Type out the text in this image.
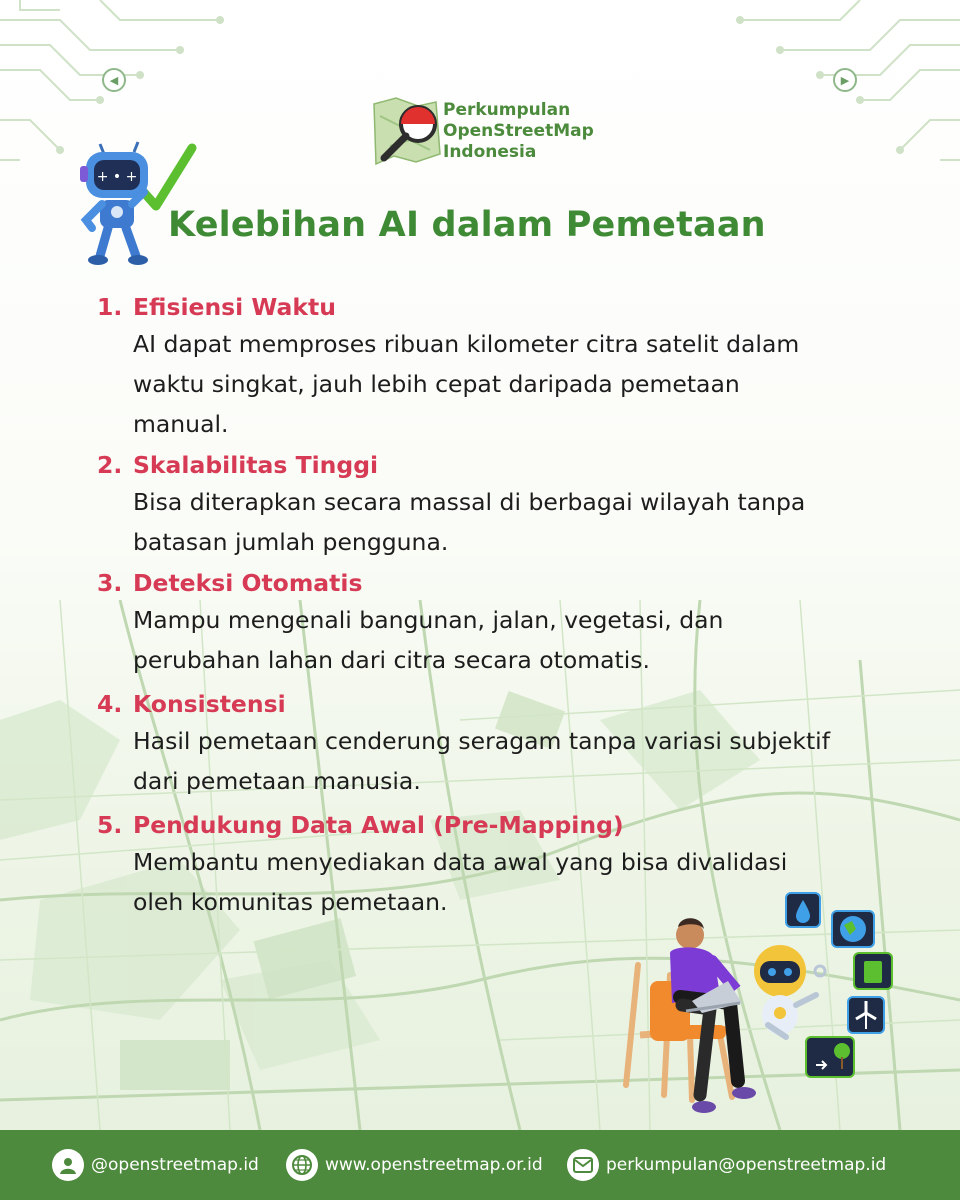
◀	▶
Perkumpulan
OpenStreetMap
Indonesia
+ • +
Kelebihan AI dalam Pemetaan
1. Efisiensi Waktu
AI dapat memproses ribuan kilometer citra satelit dalam
waktu singkat, jauh lebih cepat daripada pemetaan
manual.
2. Skalabilitas Tinggi
Bisa diterapkan secara massal di berbagai wilayah tanpa
batasan jumlah pengguna.
3. Deteksi Otomatis
Mampu mengenali bangunan, jalan, vegetasi, dan
perubahan lahan dari citra secara otomatis.
4. Konsistensi
Hasil pemetaan cenderung seragam tanpa variasi subjektif
dari pemetaan manusia.
5. Pendukung Data Awal (Pre-Mapping)
Membantu menyediakan data awal yang bisa divalidasi
oleh komunitas pemetaan.
@openstreetmap.id	www.openstreetmap.or.id	perkumpulan@openstreetmap.id
